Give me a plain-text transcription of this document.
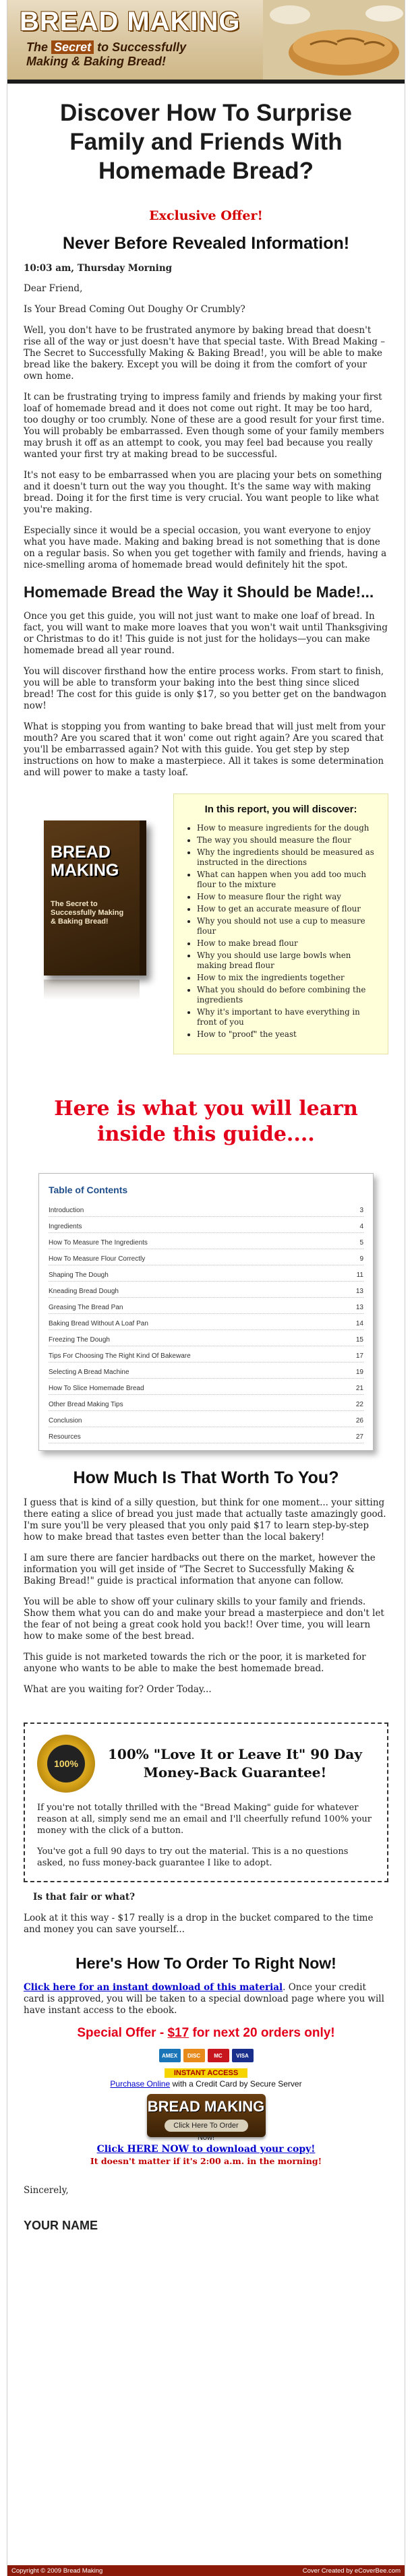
BREAD MAKING
The Secret to Successfully
Making & Baking Bread!
Discover How To Surprise Family and Friends With Homemade Bread?
Exclusive Offer!
Never Before Revealed Information!
10:03 am, Thursday Morning

Dear Friend,

Is Your Bread Coming Out Doughy Or Crumbly?

Well, you don't have to be frustrated anymore by baking bread that doesn't rise all of the way or just doesn't have that special taste. With Bread Making – The Secret to Successfully Making & Baking Bread!, you will be able to make bread like the bakery. Except you will be doing it from the comfort of your own home.

It can be frustrating trying to impress family and friends by making your first loaf of homemade bread and it does not come out right. It may be too hard, too doughy or too crumbly. None of these are a good result for your first time. You will probably be embarrassed. Even though some of your family members may brush it off as an attempt to cook, you may feel bad because you really wanted your first try at making bread to be successful.

It's not easy to be embarrassed when you are placing your bets on something and it doesn't turn out the way you thought. It's the same way with making bread. Doing it for the first time is very crucial. You want people to like what you're making.

Especially since it would be a special occasion, you want everyone to enjoy what you have made. Making and baking bread is not something that is done on a regular basis. So when you get together with family and friends, having a nice-smelling aroma of homemade bread would definitely hit the spot.

Homemade Bread the Way it Should be Made!...

Once you get this guide, you will not just want to make one loaf of bread. In fact, you will want to make more loaves that you won't wait until Thanksgiving or Christmas to do it! This guide is not just for the holidays—you can make homemade bread all year round.

You will discover firsthand how the entire process works. From start to finish, you will be able to transform your baking into the best thing since sliced bread! The cost for this guide is only $17, so you better get on the bandwagon now!

What is stopping you from wanting to bake bread that will just melt from your mouth? Are you scared that it won' come out right again? Are you scared that you'll be embarrassed again? Not with this guide. You get step by step instructions on how to make a masterpiece. All it takes is some determination and will power to make a tasty loaf.

BREAD
MAKING
The Secret to Successfully Making & Baking Bread!
In this report, you will discover:
• How to measure ingredients for the dough
• The way you should measure the flour
• Why the ingredients should be measured as instructed in the directions
• What can happen when you add too much flour to the mixture
• How to measure flour the right way
• How to get an accurate measure of flour
• Why you should not use a cup to measure flour
• How to make bread flour
• Why you should use large bowls when making bread flour
• How to mix the ingredients together
• What you should do before combining the ingredients
• Why it's important to have everything in front of you
• How to "proof" the yeast
Here is what you will learn inside this guide....
Table of Contents
Introduction	3
Ingredients	4
How To Measure The Ingredients	5
How To Measure Flour Correctly	9
Shaping The Dough	11
Kneading Bread Dough	13
Greasing The Bread Pan	13
Baking Bread Without A Loaf Pan	14
Freezing The Dough	15
Tips For Choosing The Right Kind Of Bakeware	17
Selecting A Bread Machine	19
How To Slice Homemade Bread	21
Other Bread Making Tips	22
Conclusion	26
Resources	27
How Much Is That Worth To You?

I guess that is kind of a silly question, but think for one moment... your sitting there eating a slice of bread you just made that actually taste amazingly good. I'm sure you'll be very pleased that you only paid $17 to learn step-by-step how to make bread that tastes even better than the local bakery!

I am sure there are fancier hardbacks out there on the market, however the information you will get inside of "The Secret to Successfully Making & Baking Bread!" guide is practical information that anyone can follow.

You will be able to show off your culinary skills to your family and friends. Show them what you can do and make your bread a masterpiece and don't let the fear of not being a great cook hold you back!! Over time, you will learn how to make some of the best bread.

This guide is not marketed towards the rich or the poor, it is marketed for anyone who wants to be able to make the best homemade bread.

What are you waiting for? Order Today...

100%
100% "Love It or Leave It" 90 Day Money-Back Guarantee!

If you're not totally thrilled with the "Bread Making" guide for whatever reason at all, simply send me an email and I'll cheerfully refund 100% your money with the click of a button.

You've got a full 90 days to try out the material. This is a no questions asked, no fuss money-back guarantee I like to adopt.

Is that fair or what?

Look at it this way - $17 really is a drop in the bucket compared to the time and money you can save yourself...

Here's How To Order To Right Now!

Click here for an instant download of this material. Once your credit card is approved, you will be taken to a special download page where you will have instant access to the ebook.

Special Offer - $17 for next 20 orders only!
AMEX	DISC	MC	VISA
INSTANT ACCESS
Purchase Online with a Credit Card by Secure Server
BREAD MAKING
Click Here To Order Now!
Click HERE NOW to download your copy!
It doesn't matter if it's 2:00 a.m. in the morning!
Sincerely,
YOUR NAME
Copyright © 2009 Bread Making	Cover Created by eCoverBee.com
